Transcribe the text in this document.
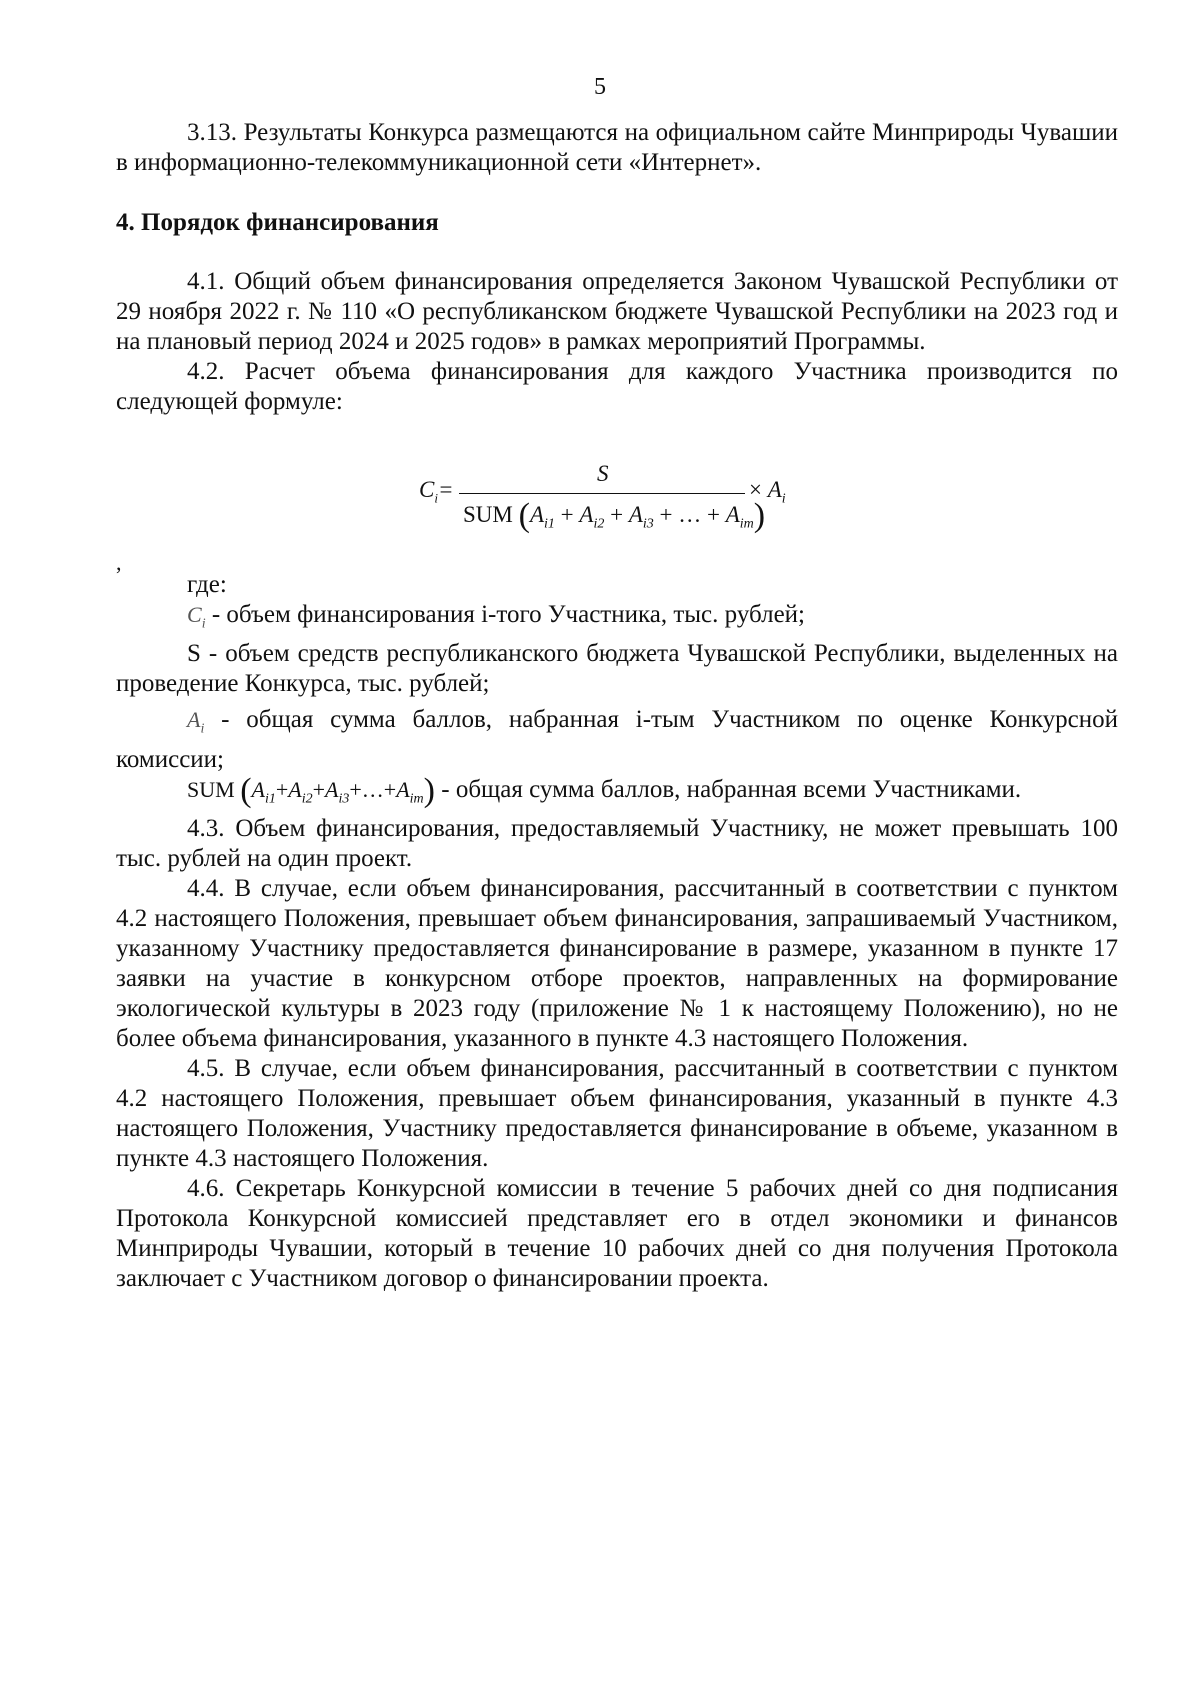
5

3.13. Результаты Конкурса размещаются на официальном сайте Минприроды Чувашии в информационно-телекоммуникационной сети «Интернет».

4. Порядок финансирования

4.1. Общий объем финансирования определяется Законом Чувашской Республики от 29 ноября 2022 г. № 110 «О республиканском бюджете Чувашской Республики на 2023 год и на плановый период 2024 и 2025 годов» в рамках мероприятий Программы.

4.2. Расчет объема финансирования для каждого Участника производится по следующей формуле:

$C_i=$
S
SUM ($A_{i1} + A_{i2} + A_{i3}$ + … + $A_{im}$)
× $A_i$
,

где:

$C_i$ - объем финансирования i-того Участника, тыс. рублей;

S - объем средств республиканского бюджета Чувашской Республики, выделенных на проведение Конкурса, тыс. рублей;

$A_i$ - общая сумма баллов, набранная i-тым Участником по оценке Конкурсной комиссии;

SUM $(A_{i1}+A_{i2}+A_{i3}+\dots+A_{im})$ - общая сумма баллов, набранная всеми Участниками.

4.3. Объем финансирования, предоставляемый Участнику, не может превышать 100 тыс. рублей на один проект.

4.4. В случае, если объем финансирования, рассчитанный в соответствии с пунктом 4.2 настоящего Положения, превышает объем финансирования, запрашиваемый Участником, указанному Участнику предоставляется финансирование в размере, указанном в пункте 17 заявки на участие в конкурсном отборе проектов, направленных на формирование экологической культуры в 2023 году (приложение № 1 к настоящему Положению), но не более объема финансирования, указанного в пункте 4.3 настоящего Положения.

4.5. В случае, если объем финансирования, рассчитанный в соответствии с пунктом 4.2 настоящего Положения, превышает объем финансирования, указанный в пункте 4.3 настоящего Положения, Участнику предоставляется финансирование в объеме, указанном в пункте 4.3 настоящего Положения.

4.6. Секретарь Конкурсной комиссии в течение 5 рабочих дней со дня подписания Протокола Конкурсной комиссией представляет его в отдел экономики и финансов Минприроды Чувашии, который в течение 10 рабочих дней со дня получения Протокола заключает с Участником договор о финансировании проекта.
